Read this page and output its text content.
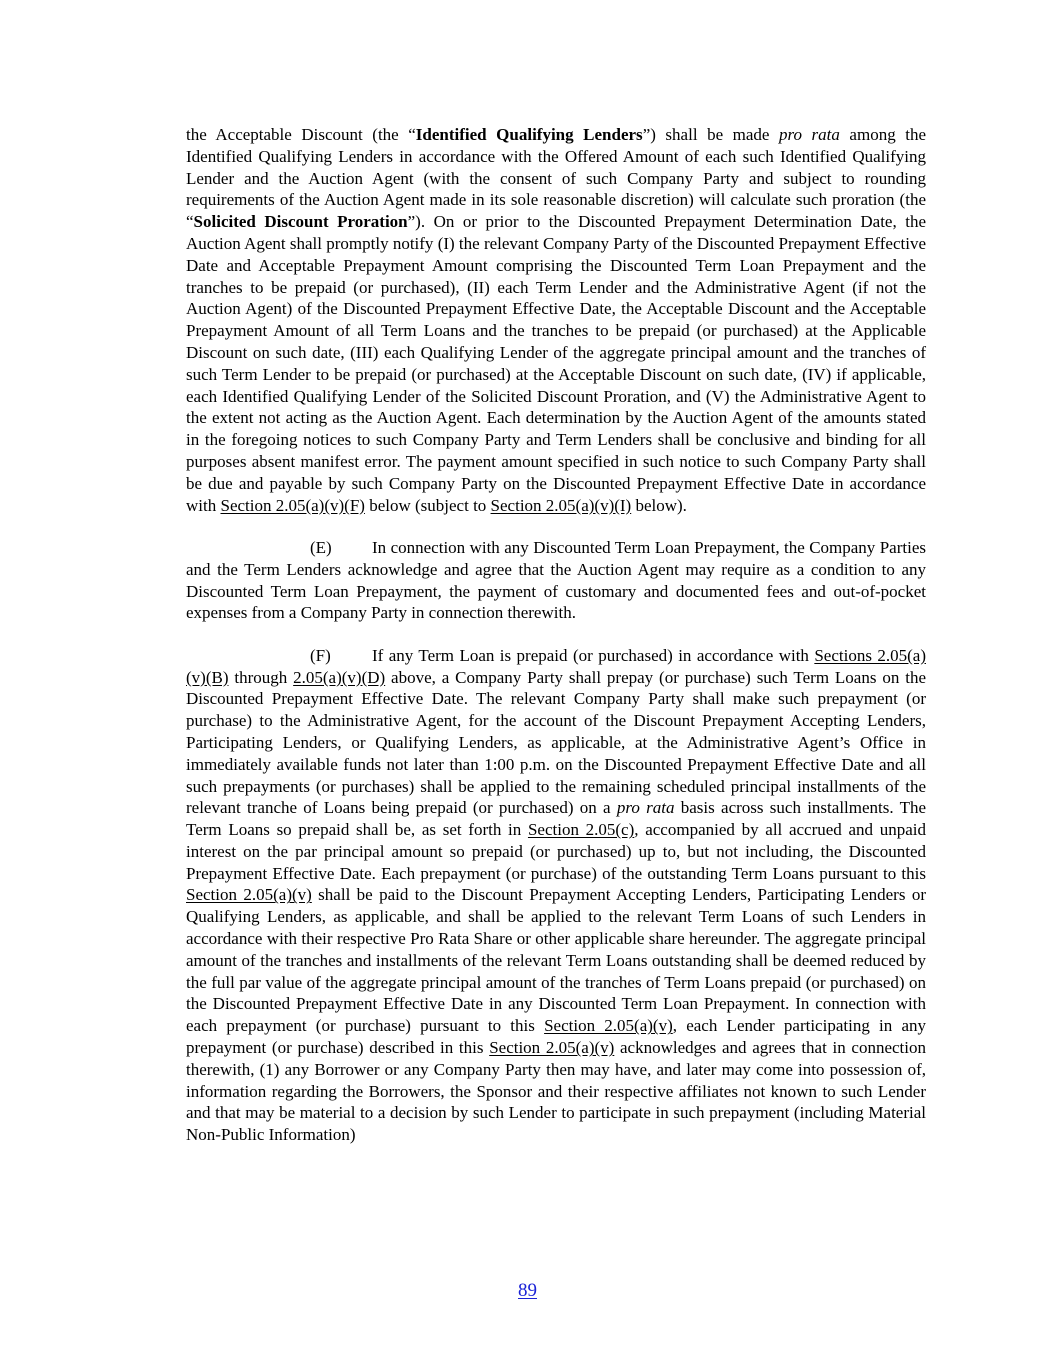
the Acceptable Discount (the “Identified Qualifying Lenders”) shall be made pro rata among the Identified Qualifying Lenders in accordance with the Offered Amount of each such Identified Qualifying Lender and the Auction Agent (with the consent of such Company Party and subject to rounding requirements of the Auction Agent made in its sole reasonable discretion) will calculate such proration (the “Solicited Discount Proration”). On or prior to the Discounted Prepayment Determination Date, the Auction Agent shall promptly notify (I) the relevant Company Party of the Discounted Prepayment Effective Date and Acceptable Prepayment Amount comprising the Discounted Term Loan Prepayment and the tranches to be prepaid (or purchased), (II) each Term Lender and the Administrative Agent (if not the Auction Agent) of the Discounted Prepayment Effective Date, the Acceptable Discount and the Acceptable Prepayment Amount of all Term Loans and the tranches to be prepaid (or purchased) at the Applicable Discount on such date, (III) each Qualifying Lender of the aggregate principal amount and the tranches of such Term Lender to be prepaid (or purchased) at the Acceptable Discount on such date, (IV) if applicable, each Identified Qualifying Lender of the Solicited Discount Proration, and (V) the Administrative Agent to the extent not acting as the Auction Agent. Each determination by the Auction Agent of the amounts stated in the foregoing notices to such Company Party and Term Lenders shall be conclusive and binding for all purposes absent manifest error. The payment amount specified in such notice to such Company Party shall be due and payable by such Company Party on the Discounted Prepayment Effective Date in accordance with Section 2.05(a)(v)(F) below (subject to Section 2.05(a)(v)(I) below).

(E) In connection with any Discounted Term Loan Prepayment, the Company Parties and the Term Lenders acknowledge and agree that the Auction Agent may require as a condition to any Discounted Term Loan Prepayment, the payment of customary and documented fees and out-of-pocket expenses from a Company Party in connection therewith.

(F) If any Term Loan is prepaid (or purchased) in accordance with Sections 2.05(a)(v)(B) through 2.05(a)(v)(D) above, a Company Party shall prepay (or purchase) such Term Loans on the Discounted Prepayment Effective Date. The relevant Company Party shall make such prepayment (or purchase) to the Administrative Agent, for the account of the Discount Prepayment Accepting Lenders, Participating Lenders, or Qualifying Lenders, as applicable, at the Administrative Agent’s Office in immediately available funds not later than 1:00 p.m. on the Discounted Prepayment Effective Date and all such prepayments (or purchases) shall be applied to the remaining scheduled principal installments of the relevant tranche of Loans being prepaid (or purchased) on a pro rata basis across such installments. The Term Loans so prepaid shall be, as set forth in Section 2.05(c), accompanied by all accrued and unpaid interest on the par principal amount so prepaid (or purchased) up to, but not including, the Discounted Prepayment Effective Date. Each prepayment (or purchase) of the outstanding Term Loans pursuant to this Section 2.05(a)(v) shall be paid to the Discount Prepayment Accepting Lenders, Participating Lenders or Qualifying Lenders, as applicable, and shall be applied to the relevant Term Loans of such Lenders in accordance with their respective Pro Rata Share or other applicable share hereunder. The aggregate principal amount of the tranches and installments of the relevant Term Loans outstanding shall be deemed reduced by the full par value of the aggregate principal amount of the tranches of Term Loans prepaid (or purchased) on the Discounted Prepayment Effective Date in any Discounted Term Loan Prepayment. In connection with each prepayment (or purchase) pursuant to this Section 2.05(a)(v), each Lender participating in any prepayment (or purchase) described in this Section 2.05(a)(v) acknowledges and agrees that in connection therewith, (1) any Borrower or any Company Party then may have, and later may come into possession of, information regarding the Borrowers, the Sponsor and their respective affiliates not known to such Lender and that may be material to a decision by such Lender to participate in such prepayment (including Material Non-Public Information)

89
